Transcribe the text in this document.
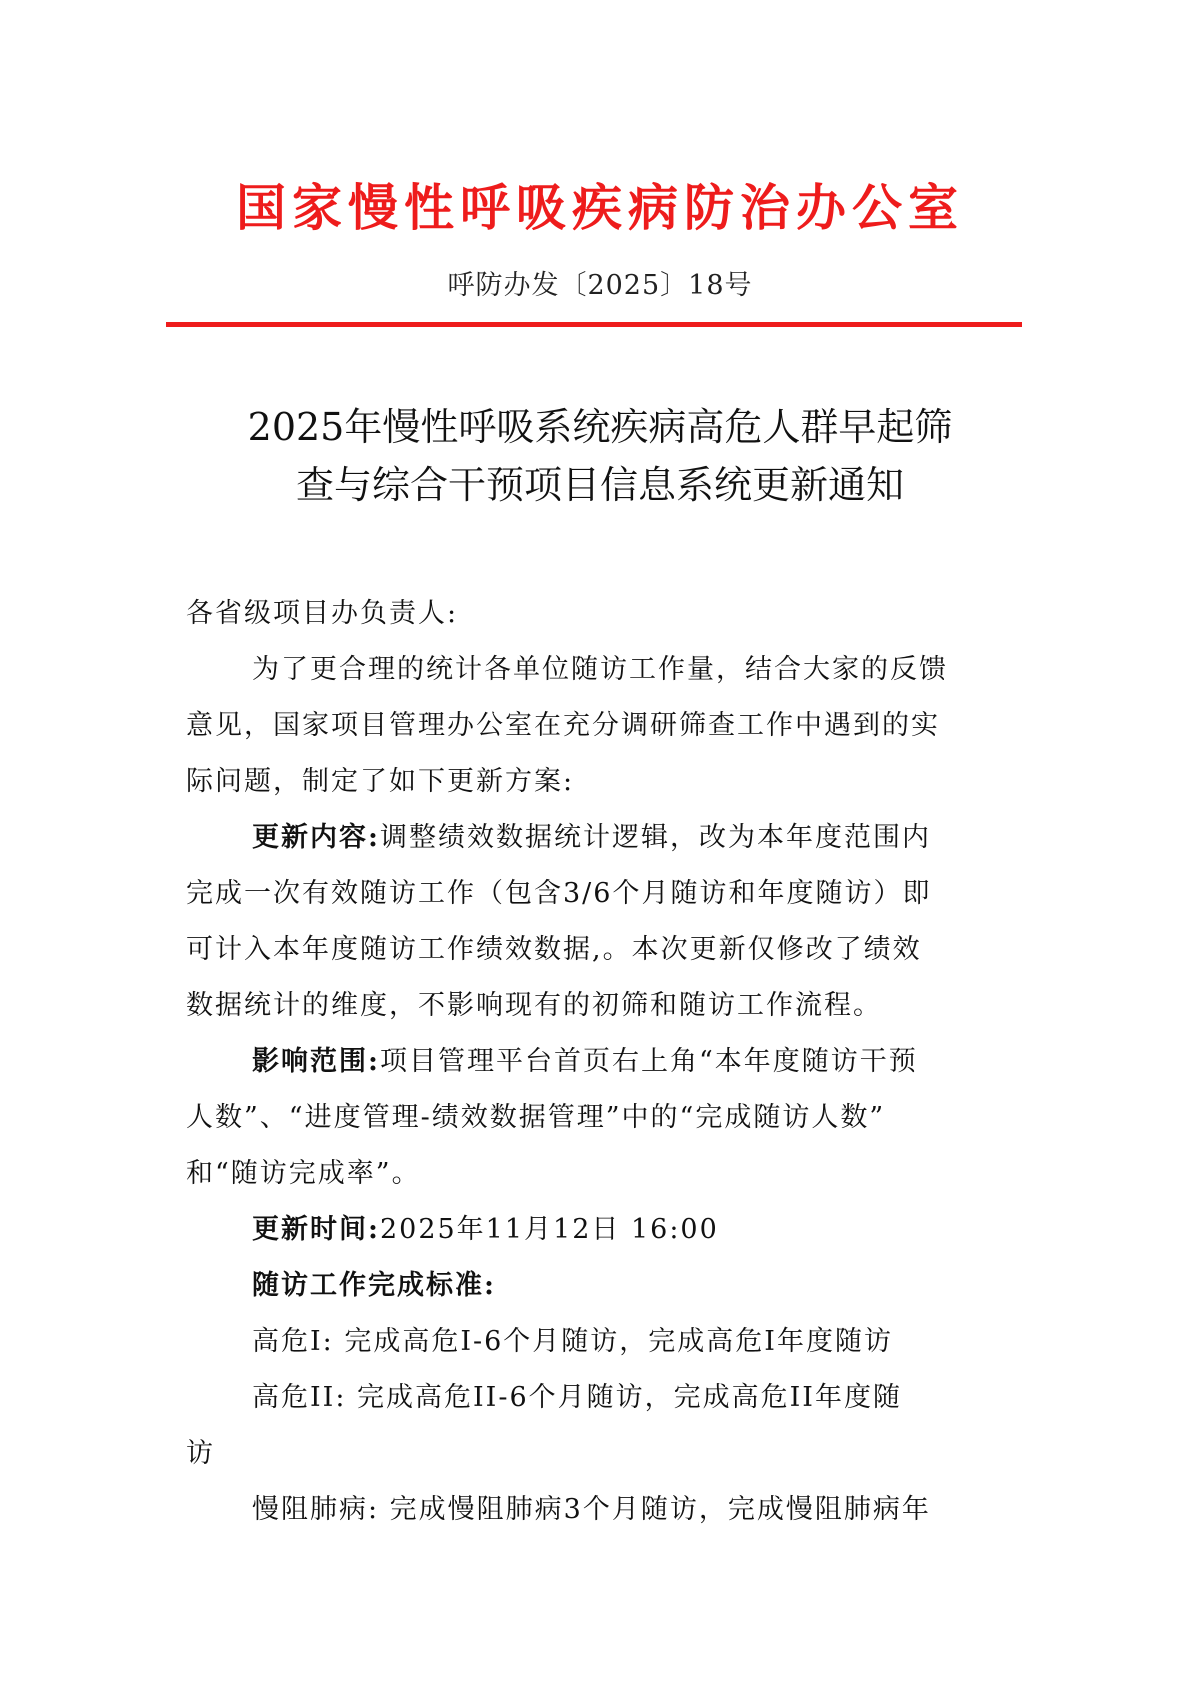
国家慢性呼吸疾病防治办公室
呼防办发〔2025〕18号
2025年慢性呼吸系统疾病高危人群早起筛
查与综合干预项目信息系统更新通知
各省级项目办负责人:
为了更合理的统计各单位随访工作量，结合大家的反馈
意见，国家项目管理办公室在充分调研筛查工作中遇到的实
际问题，制定了如下更新方案:
更新内容:调整绩效数据统计逻辑，改为本年度范围内
完成一次有效随访工作（包含3/6个月随访和年度随访）即
可计入本年度随访工作绩效数据,。本次更新仅修改了绩效
数据统计的维度，不影响现有的初筛和随访工作流程。
影响范围:项目管理平台首页右上角“本年度随访干预
人数”、“进度管理-绩效数据管理”中的“完成随访人数”
和“随访完成率”。
更新时间:2025年11月12日 16:00
随访工作完成标准:
高危I: 完成高危I-6个月随访，完成高危I年度随访
高危II: 完成高危II-6个月随访，完成高危II年度随
访
慢阻肺病: 完成慢阻肺病3个月随访，完成慢阻肺病年
